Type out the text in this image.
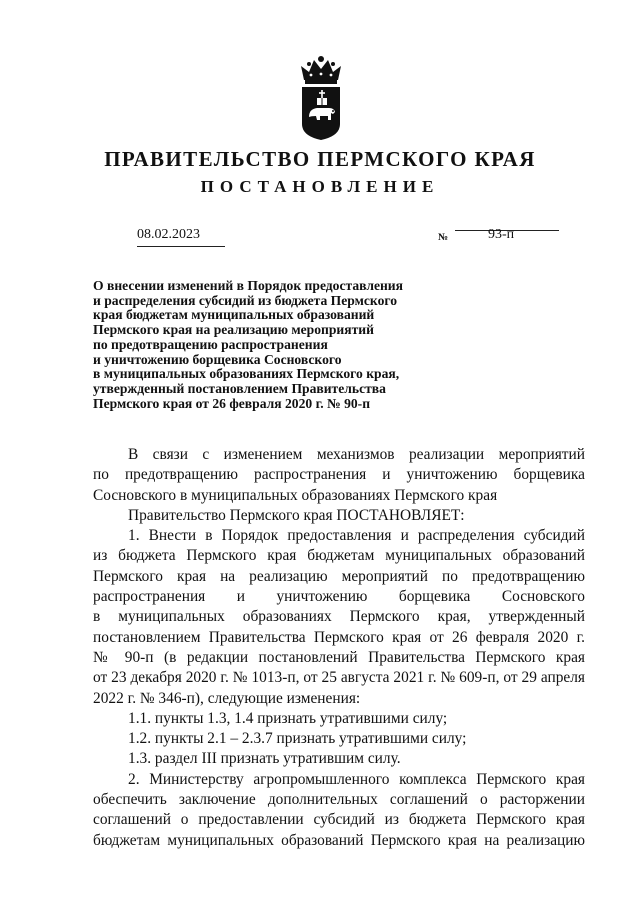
ПРАВИТЕЛЬСТВО ПЕРМСКОГО КРАЯ
ПОСТАНОВЛЕНИЕ
08.02.2023	№	93-п
О внесении изменений в Порядок предоставления
и распределения субсидий из бюджета Пермского
края бюджетам муниципальных образований
Пермского края на реализацию мероприятий
по предотвращению распространения
и уничтожению борщевика Сосновского
в муниципальных образованиях Пермского края,
утвержденный постановлением Правительства
Пермского края от 26 февраля 2020 г. № 90-п
В связи с изменением механизмов реализации мероприятий
по предотвращению распространения и уничтожению борщевика
Сосновского в муниципальных образованиях Пермского края
Правительство Пермского края ПОСТАНОВЛЯЕТ:
1. Внести в Порядок предоставления и распределения субсидий
из бюджета Пермского края бюджетам муниципальных образований
Пермского края на реализацию мероприятий по предотвращению
распространения и уничтожению борщевика Сосновского
в муниципальных образованиях Пермского края, утвержденный
постановлением Правительства Пермского края от 26 февраля 2020 г.
№ 90-п (в редакции постановлений Правительства Пермского края
от 23 декабря 2020 г. № 1013-п, от 25 августа 2021 г. № 609-п, от 29 апреля
2022 г. № 346-п), следующие изменения:
1.1. пункты 1.3, 1.4 признать утратившими силу;
1.2. пункты 2.1 – 2.3.7 признать утратившими силу;
1.3. раздел III признать утратившим силу.
2. Министерству агропромышленного комплекса Пермского края
обеспечить заключение дополнительных соглашений о расторжении
соглашений о предоставлении субсидий из бюджета Пермского края
бюджетам муниципальных образований Пермского края на реализацию
